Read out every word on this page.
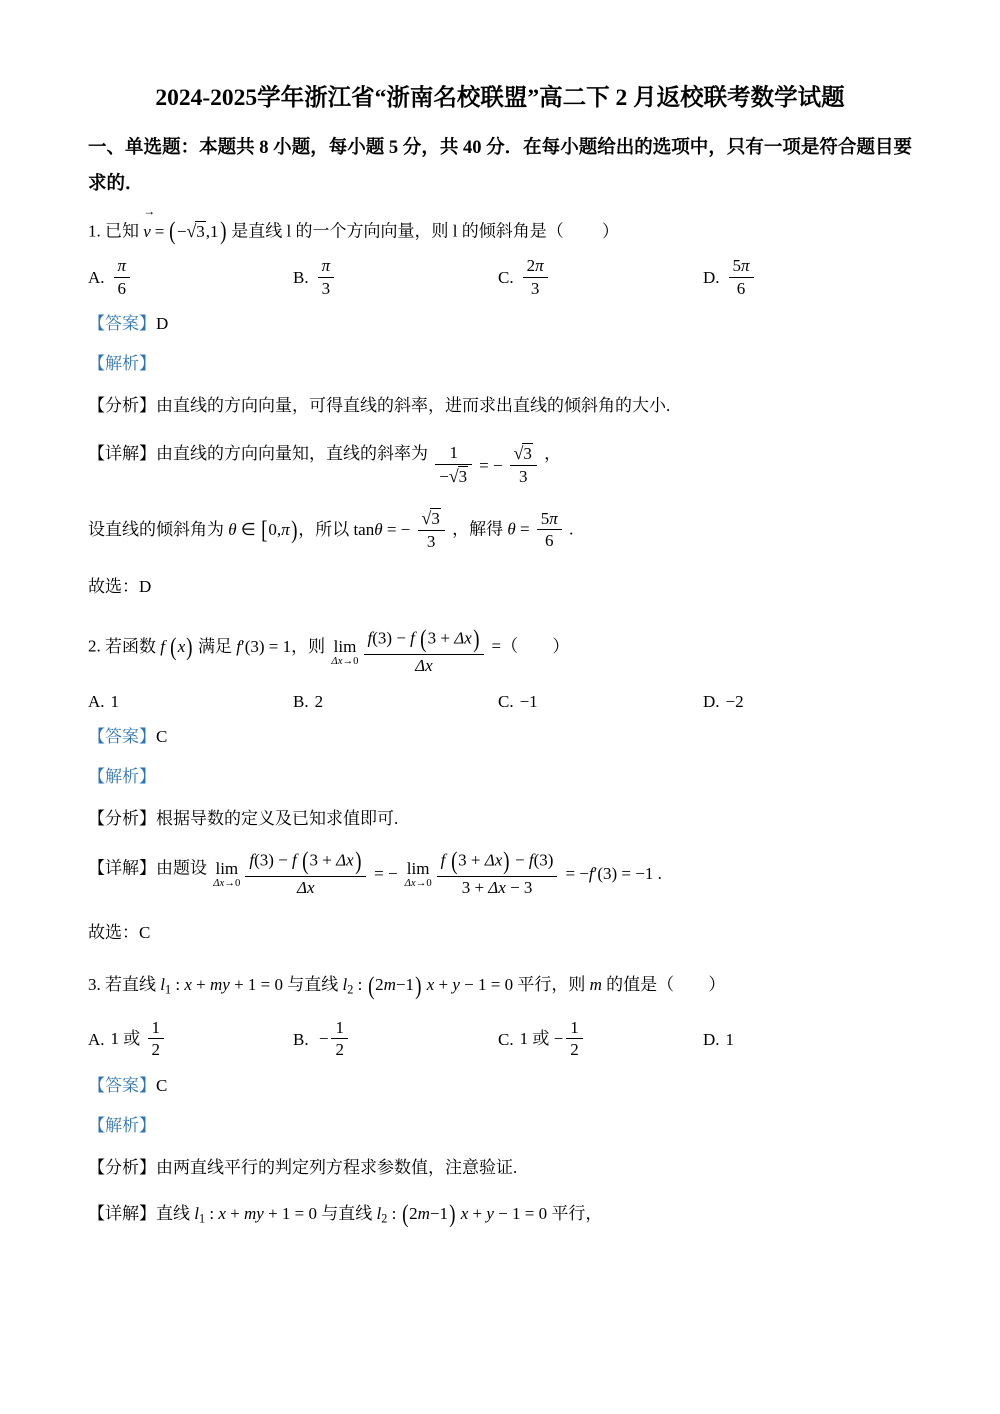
2024-2025学年浙江省“浙南名校联盟”高二下 2 月返校联考数学试题
一、单选题：本题共 8 小题，每小题 5 分，共 40 分．在每小题给出的选项中，只有一项是符合题目要求的．
1. 已知
→
v = ( − √3 ,1 ) 是直线 l 的一个方向向量，则 l 的倾斜角是（ ）
A. $\frac{\pi}{6}$	B. $\frac{\pi}{3}$	C. $\frac{2\pi}{3}$	D. $\frac{5\pi}{6}$
【答案】D
【解析】
【分析】由直线的方向向量，可得直线的斜率，进而求出直线的倾斜角的大小.
【详解】由直线的方向向量知，直线的斜率为 $\frac{1}{-√3}$ = − $\frac{√3}{3}$ ，
设直线的倾斜角为 θ ∈ [0,π)，所以 tanθ = − $\frac{√3}{3}$ ，解得 $\theta = \frac{5\pi}{6}$ .
故选：D
2. 若函数 f (x) 满足 f′(3) = 1，则 lim
$\Delta x\to 0 \frac{f(3) - f (3 + \Delta x)}{\Delta x}$ =（ ）
A. 1	B. 2	C. −1	D. −2
【答案】C
【解析】
【分析】根据导数的定义及已知求值即可.
【详解】由题设 lim
$\Delta x\to 0 \frac{f(3) - f (3 + \Delta x)}{\Delta x}$ = − lim
$\Delta x\to 0 \frac{f (3 + \Delta x) - f(3)}{3 + \Delta x - 3} = -f'(3) = -1$ .
故选：C
3. 若直线 $l_1$ : x + my + 1 = 0 与直线 $l_2$ : (2m−1) x + y − 1 = 0 平行，则 m 的值是（ ）
A. 1 或 $\frac{1}{2}$	B. − $\frac{1}{2}$	C. 1 或 − $\frac{1}{2}$	D. 1
【答案】C
【解析】
【分析】由两直线平行的判定列方程求参数值，注意验证.
【详解】直线 $l_1$ : x + my + 1 = 0 与直线 $l_2$ : (2m−1) x + y − 1 = 0 平行，
